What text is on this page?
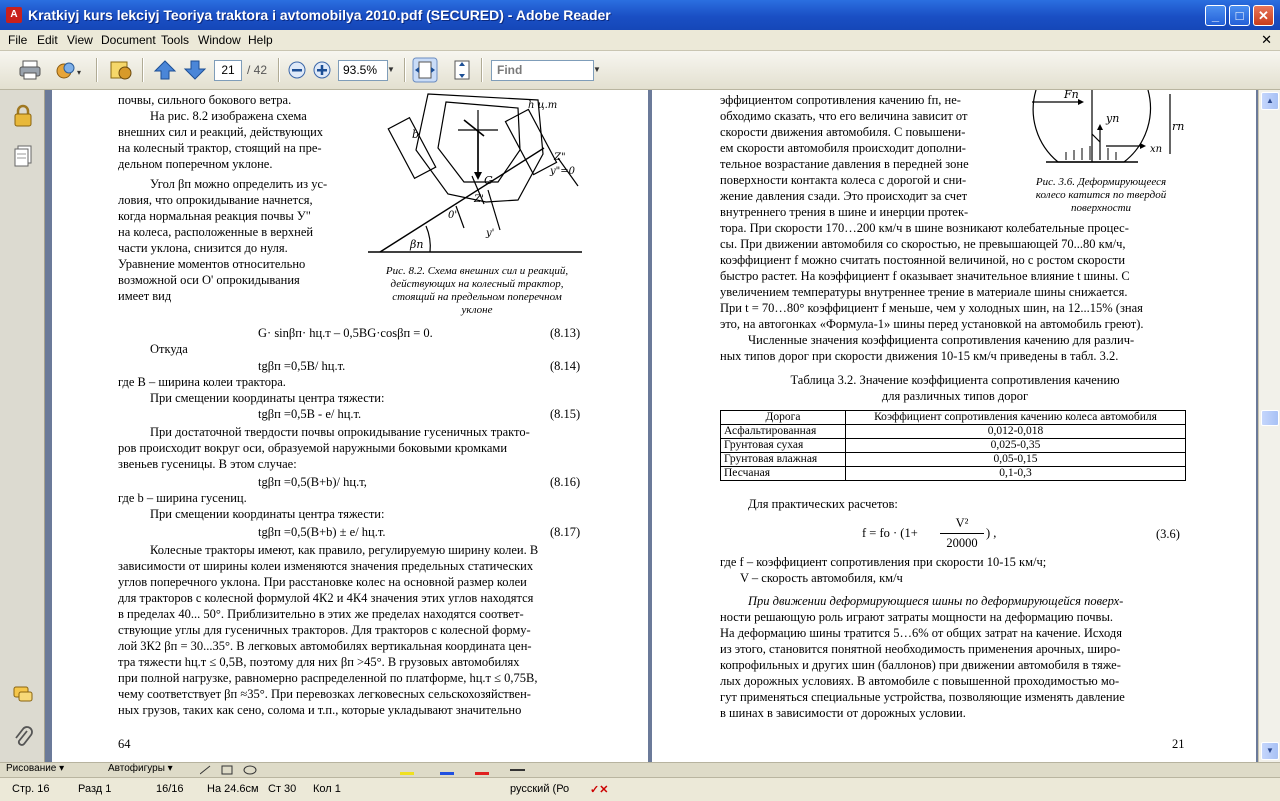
A Kratkiyj kurs lekciyj Teoriya traktora i avtomobilya 2010.pdf (SECURED) - Adobe Reader	_	□	✕
File Edit View Document Tools Window Help	✕
▾	21	/ 42	93.5%	▼	Find	▼
почвы, сильного бокового ветра.
На рис. 8.2 изображена схема
внешних сил и реакций, действующих
на колесный трактор, стоящий на пре-
дельном поперечном уклоне.
Угол βп можно определить из ус-
ловия, что опрокидывание начнется,
когда нормальная реакция почвы У"
на колеса, расположенные в верхней
части уклона, снизится до нуля.
Уравнение моментов относительно
возможной оси О' опрокидывания
имеет вид
h ц.т
b
G
0'
Z'
y'
Z"
y"=0
βп
Рис. 8.2. Схема внешних сил и реакций,
действующих на колесный трактор,
стоящий на предельном поперечном
уклоне
G· sinβп· hц.т – 0,5BG·cosβп = 0.	(8.13)
Откуда
tgβп =0,5B/ hц.т.	(8.14)
где В – ширина колеи трактора.
При смещении координаты центра тяжести:
tgβп =0,5B - e/ hц.т.	(8.15)
При достаточной твердости почвы опрокидывание гусеничных тракто-
ров происходит вокруг оси, образуемой наружными боковыми кромками
звеньев гусеницы. В этом случае:
tgβп =0,5(B+b)/ hц.т,	(8.16)
где b – ширина гусениц.
При смещении координаты центра тяжести:
tgβп =0,5(B+b) ± e/ hц.т.	(8.17)
Колесные тракторы имеют, как правило, регулируемую ширину колеи. В
зависимости от ширины колеи изменяются значения предельных статических
углов поперечного уклона. При расстановке колес на основной размер колеи
для тракторов с колесной формулой 4К2 и 4К4 значения этих углов находятся
в пределах 40... 50°. Приблизительно в этих же пределах находятся соответ-
ствующие углы для гусеничных тракторов. Для тракторов с колесной форму-
лой 3К2 βп = 30...35°. В легковых автомобилях вертикальная координата цен-
тра тяжести hц.т ≤ 0,5В, поэтому для них βп >45°. В грузовых автомобилях
при полной нагрузке, равномерно распределенной по платформе, hц.т ≤ 0,75В,
чему соответствует βп ≈35°. При перевозках легковесных сельскохозяйствен-
ных грузов, таких как сено, солома и т.п., которые укладывают значительно
64
эффициентом сопротивления качению fп, не-
обходимо сказать, что его величина зависит от
скорости движения автомобиля. С повышени-
ем скорости автомобиля происходит дополни-
тельное возрастание давления в передней зоне
поверхности контакта колеса с дорогой и сни-
жение давления сзади. Это происходит за счет
внутреннего трения в шине и инерции протек-
Fп
yп
rп
xп
Рис. 3.6. Деформирующееся
колесо катится по твердой
поверхности
тора. При скорости 170…200 км/ч в шине возникают колебательные процес-
сы. При движении автомобиля со скоростью, не превышающей 70...80 км/ч,
коэффициент f можно считать постоянной величиной, но с ростом скорости
быстро растет. На коэффициент f оказывает значительное влияние t шины. С
увеличением температуры внутреннее трение в материале шины снижается.
При t = 70…80° коэффициент f меньше, чем у холодных шин, на 12...15% (зная
это, на автогонках «Формула-1» шины перед установкой на автомобиль греют).
Численные значения коэффициента сопротивления качению для различ-
ных типов дорог при скорости движения 10-15 км/ч приведены в табл. 3.2.
Таблица 3.2. Значение коэффициента сопротивления качению
для различных типов дорог
Дорога	Коэффициент сопротивления качению колеса автомобиля
Асфальтированная	0,012-0,018
Грунтовая сухая	0,025-0,35
Грунтовая влажная	0,05-0,15
Песчаная	0,1-0,3
Для практических расчетов:
f = fo · (1+
V²
20000
) ,	(3.6)
где f – коэффициент сопротивления при скорости 10-15 км/ч;
V – скорость автомобиля, км/ч
При движении деформирующиеся шины по деформирующейся поверх-
ности решающую роль играют затраты мощности на деформацию почвы.
На деформацию шины тратится 5…6% от общих затрат на качение. Исходя
из этого, становится понятной необходимость применения арочных, широ-
копрофильных и других шин (баллонов) при движении автомобиля в тяже-
лых дорожных условиях. В автомобиле с повышенной проходимостью мо-
гут применяться специальные устройства, позволяющие изменять давление
в шинах в зависимости от дорожных условии.
21
▲
▼
Рисование ▾	Автофигуры ▾
Стр. 16	Разд 1	16/16 На 24.6см Ст 30 Кол 1	русский (Ро ✓✕
